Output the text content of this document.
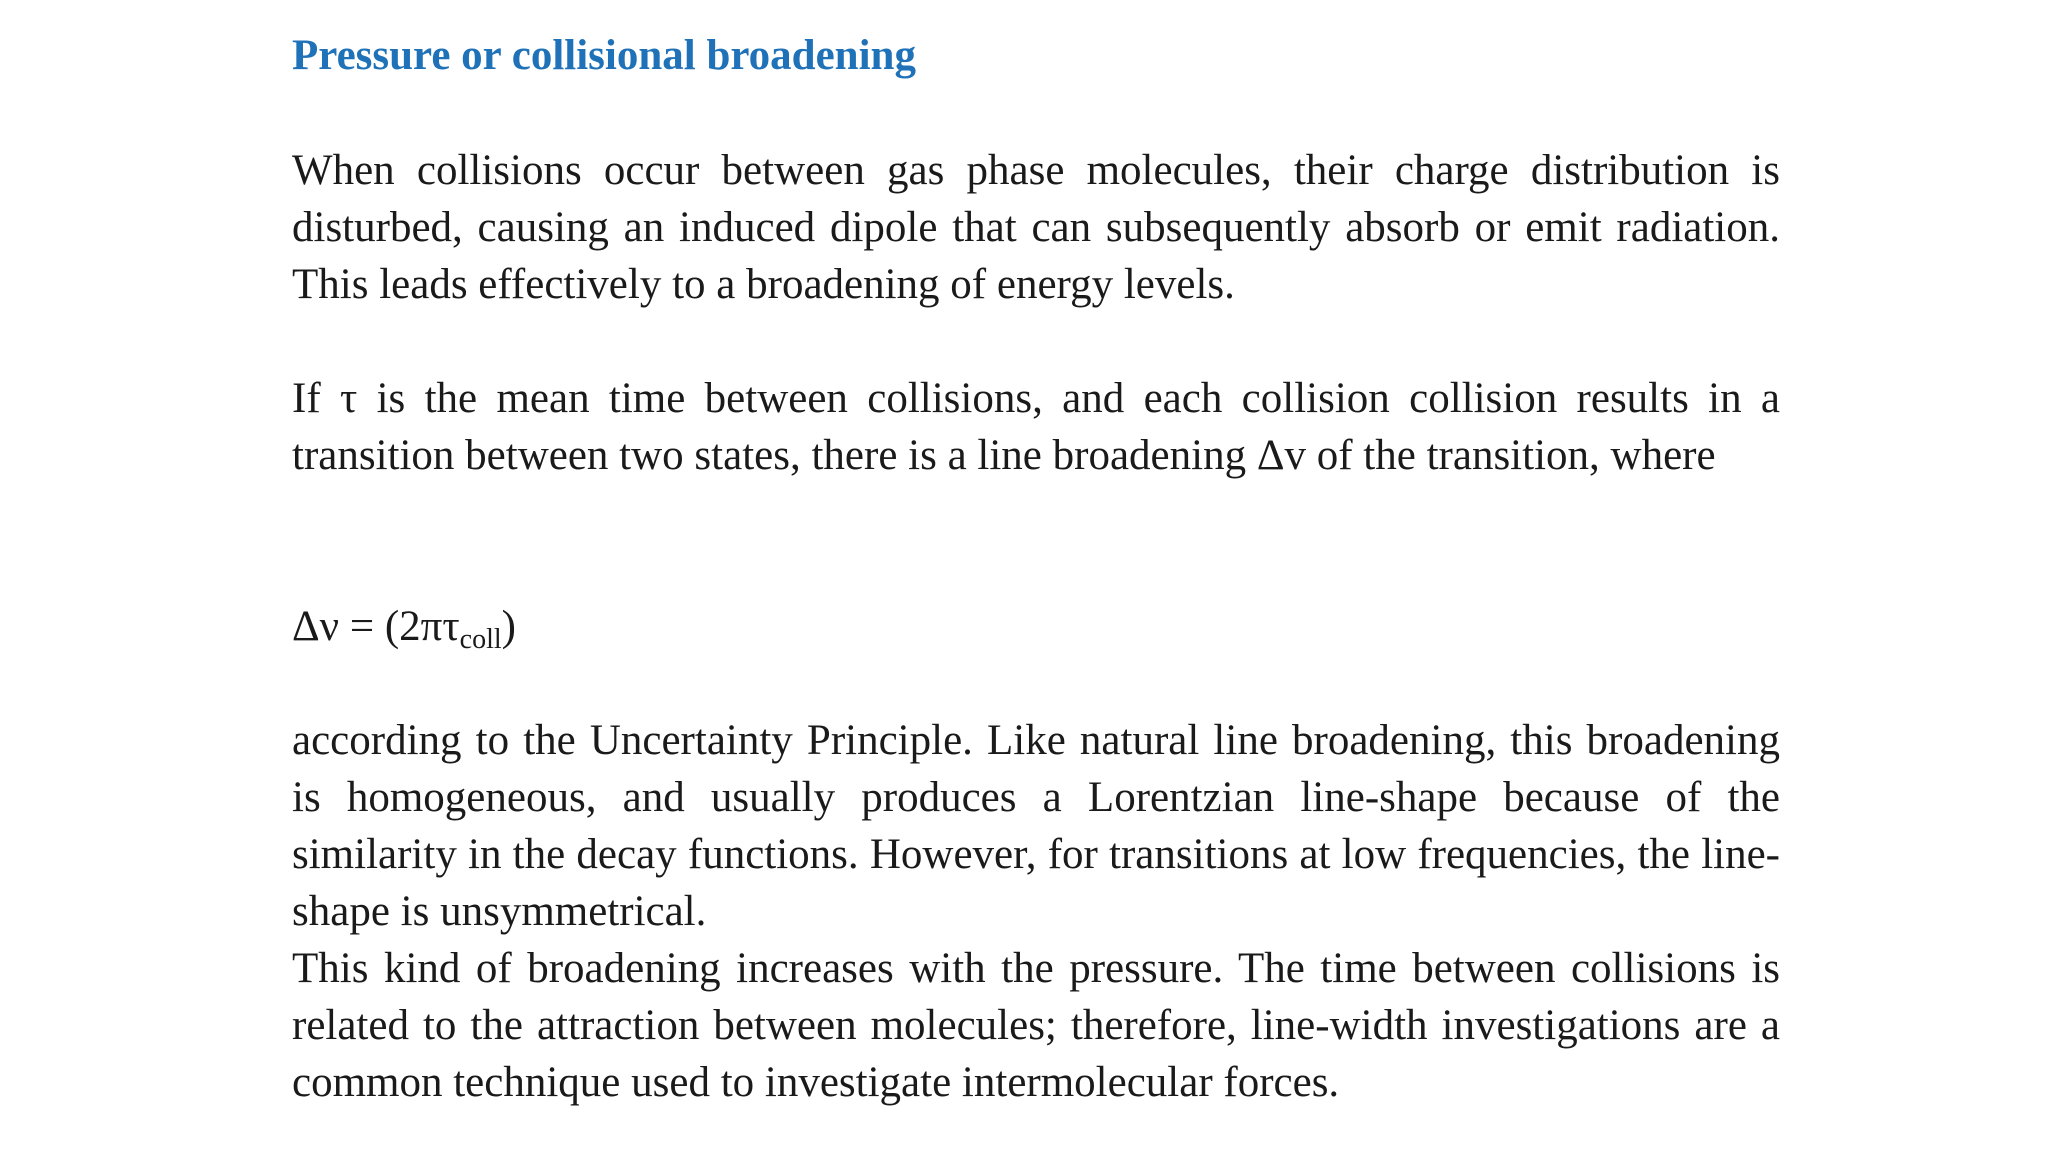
Pressure or collisional broadening

When collisions occur between gas phase molecules, their charge distribution is disturbed, causing an induced dipole that can subsequently absorb or emit radiation. This leads effectively to a broadening of energy levels.

If τ is the mean time between collisions, and each collision collision results in a transition between two states, there is a line broadening Δv of the transition, where

$\Delta\nu = (2\pi\tau_{coll})$

according to the Uncertainty Principle. Like natural line broadening, this broadening is homogeneous, and usually produces a Lorentzian line-shape because of the similarity in the decay functions. However, for transitions at low frequencies, the line-shape is unsymmetrical.

This kind of broadening increases with the pressure. The time between collisions is related to the attraction between molecules; therefore, line-width investigations are a common technique used to investigate intermolecular forces.
